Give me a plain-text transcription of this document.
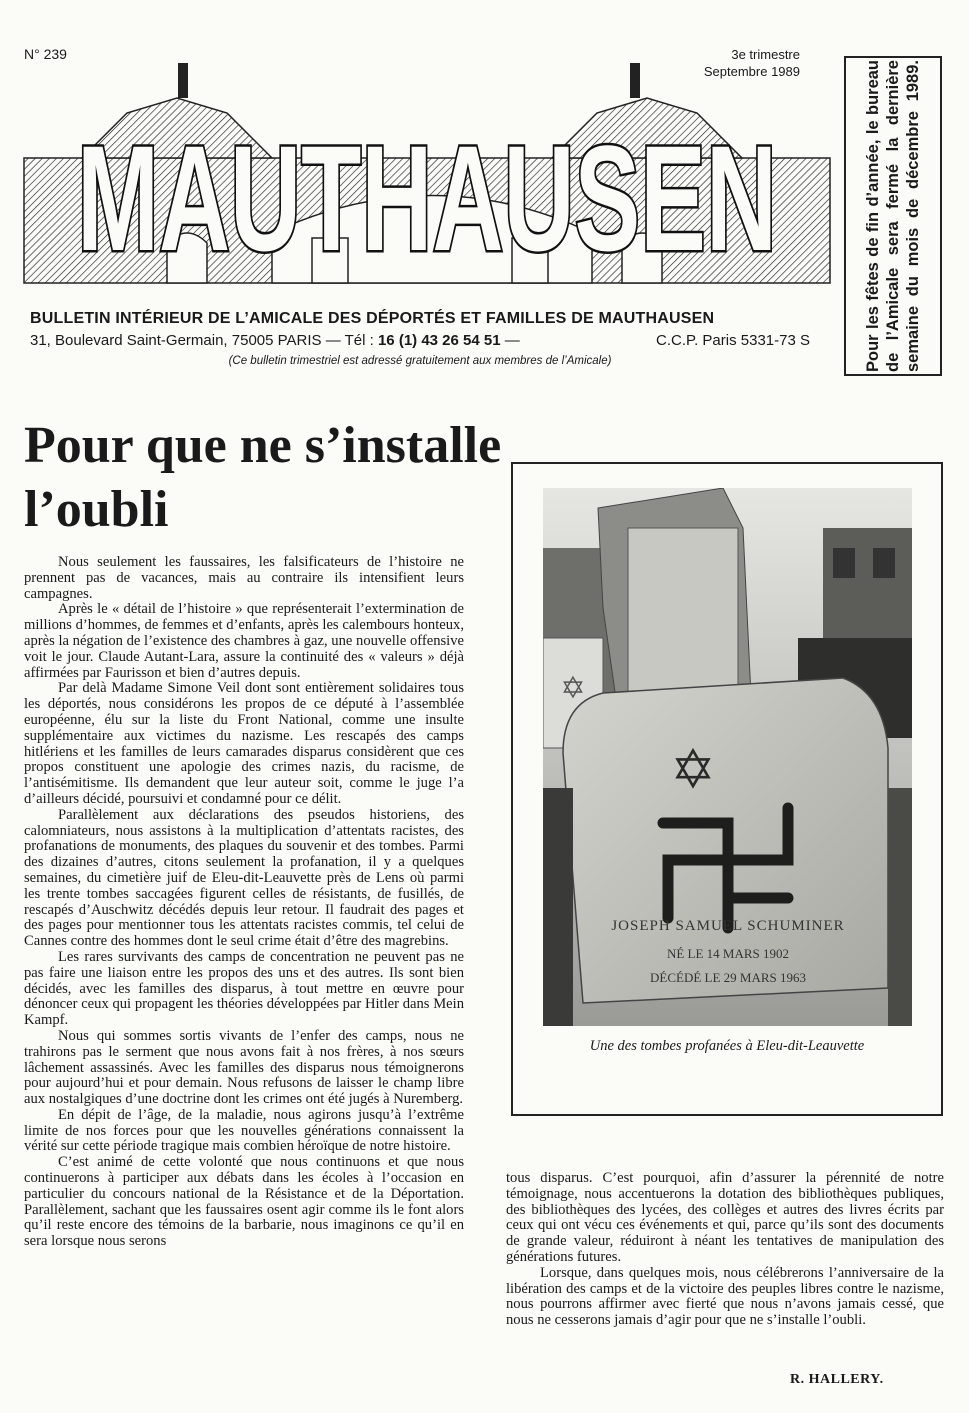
N° 239	3e trimestre
Septembre 1989
MAUTHAUSEN
BULLETIN INTÉRIEUR DE L’AMICALE DES DÉPORTÉS ET FAMILLES DE MAUTHAUSEN
31, Boulevard Saint-Germain, 75005 PARIS — Tél : 16 (1) 43 26 54 51 —	C.C.P. Paris 5331-73 S
(Ce bulletin trimestriel est adressé gratuitement aux membres de l’Amicale)	Pour les fêtes de fin d’année, le bureau de l’Amicale sera fermé la dernière semaine du mois de décembre 1989.
Pour que ne s’installe l’oubli
✡
✡
JOSEPH SAMUEL SCHUMINER
NÉ LE 14 MARS 1902
DÉCÉDÉ LE 29 MARS 1963
Une des tombes profanées à Eleu-dit-Leauvette

Nous seulement les faussaires, les falsificateurs de l’histoire ne prennent pas de vacances, mais au contraire ils intensifient leurs campagnes.

Après le « détail de l’histoire » que représenterait l’extermination de millions d’hommes, de femmes et d’enfants, après les calembours honteux, après la négation de l’existence des chambres à gaz, une nouvelle offensive voit le jour. Claude Autant-Lara, assure la continuité des « valeurs » déjà affirmées par Faurisson et bien d’autres depuis.

Par delà Madame Simone Veil dont sont entièrement solidaires tous les déportés, nous considérons les propos de ce député à l’assemblée européenne, élu sur la liste du Front National, comme une insulte supplémentaire aux victimes du nazisme. Les rescapés des camps hitlériens et les familles de leurs camarades disparus considèrent que ces propos constituent une apologie des crimes nazis, du racisme, de l’antisémitisme. Ils demandent que leur auteur soit, comme le juge l’a d’ailleurs décidé, poursuivi et condamné pour ce délit.

Parallèlement aux déclarations des pseudos historiens, des calomniateurs, nous assistons à la multiplication d’attentats racistes, des profanations de monuments, des plaques du souvenir et des tombes. Parmi des dizaines d’autres, citons seulement la profanation, il y a quelques semaines, du cimetière juif de Eleu-dit-Leauvette près de Lens où parmi les trente tombes saccagées figurent celles de résistants, de fusillés, de rescapés d’Auschwitz décédés depuis leur retour. Il faudrait des pages et des pages pour mentionner tous les attentats racistes commis, tel celui de Cannes contre des hommes dont le seul crime était d’être des magrebins.

Les rares survivants des camps de concentration ne peuvent pas ne pas faire une liaison entre les propos des uns et des autres. Ils sont bien décidés, avec les familles des disparus, à tout mettre en œuvre pour dénoncer ceux qui propagent les théories développées par Hitler dans Mein Kampf.

Nous qui sommes sortis vivants de l’enfer des camps, nous ne trahirons pas le serment que nous avons fait à nos frères, à nos sœurs lâchement assassinés. Avec les familles des disparus nous témoignerons pour aujourd’hui et pour demain. Nous refusons de laisser le champ libre aux nostalgiques d’une doctrine dont les crimes ont été jugés à Nuremberg.

En dépit de l’âge, de la maladie, nous agirons jusqu’à l’extrême limite de nos forces pour que les nouvelles générations connaissent la vérité sur cette période tragique mais combien héroïque de notre histoire.

C’est animé de cette volonté que nous continuons et que nous continuerons à participer aux débats dans les écoles à l’occasion en particulier du concours national de la Résistance et de la Déportation. Parallèlement, sachant que les faussaires osent agir comme ils le font alors qu’il reste encore des témoins de la barbarie, nous imaginons ce qu’il en sera lorsque nous serons

tous disparus. C’est pourquoi, afin d’assurer la pérennité de notre témoignage, nous accentuerons la dotation des bibliothèques publiques, des bibliothèques des lycées, des collèges et autres des livres écrits par ceux qui ont vécu ces événements et qui, parce qu’ils sont des documents de grande valeur, réduiront à néant les tentatives de manipulation des générations futures.

Lorsque, dans quelques mois, nous célébrerons l’anniversaire de la libération des camps et de la victoire des peuples libres contre le nazisme, nous pourrons affirmer avec fierté que nous n’avons jamais cessé, que nous ne cesserons jamais d’agir pour que ne s’installe l’oubli.

R. HALLERY.
